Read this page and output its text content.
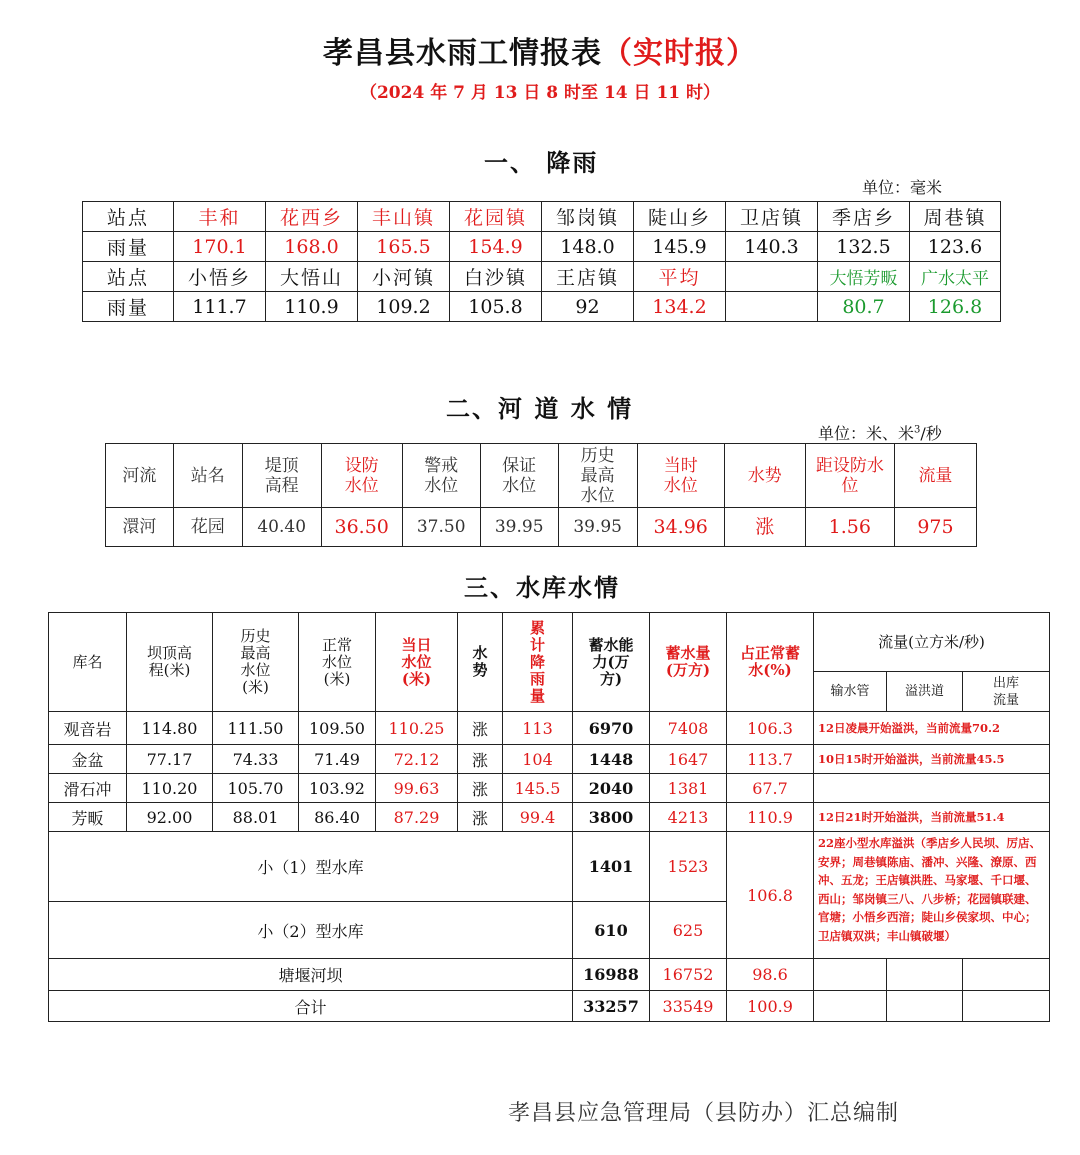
孝昌县水雨工情报表（实时报）
（2024 年 7 月 13 日 8 时至 14 日 11 时）
一、 降雨
单位：毫米
站点	丰和	花西乡	丰山镇	花园镇	邹岗镇	陡山乡	卫店镇	季店乡	周巷镇
雨量	170.1	168.0	165.5	154.9	148.0	145.9	140.3	132.5	123.6
站点	小悟乡	大悟山	小河镇	白沙镇	王店镇	平均		大悟芳畈	广水太平
雨量	111.7	110.9	109.2	105.8	92	134.2		80.7	126.8
二、河 道 水 情
单位：米、米$^3$/秒
河流	站名	堤顶高程	设防水位	警戒水位	保证水位	历史最高水位	当时水位	水势	距设防水位	流量
澴河	花园	40.40	36.50	37.50	39.95	39.95	34.96	涨	1.56	975
三、水库水情
库名	坝顶高程(米)	历史最高水位(米)	正常水位(米)	当日水位(米)	水势	累计降雨量	蓄水能力(万方)	蓄水量(万方)	占正常蓄水(%)	流量(立方米/秒)		
										输水管	溢洪道	出库流量
观音岩	114.80	111.50	109.50	110.25	涨	113	6970	7408	106.3	12日凌晨开始溢洪，当前流量70.2		
金盆	77.17	74.33	71.49	72.12	涨	104	1448	1647	113.7	10日15时开始溢洪，当前流量45.5		
滑石冲	110.20	105.70	103.92	99.63	涨	145.5	2040	1381	67.7			
芳畈	92.00	88.01	86.40	87.29	涨	99.4	3800	4213	110.9	12日21时开始溢洪，当前流量51.4		
小（1）型水库							1401	1523	106.8	22座小型水库溢洪（季店乡人民坝、厉店、安界；周巷镇陈庙、潘冲、兴隆、潦原、西冲、五龙；王店镇洪胜、马家堰、千口堰、西山；邹岗镇三八、八步桥；花园镇联建、官塘；小悟乡西湆；陡山乡侯家坝、中心；卫店镇双洪；丰山镇破堰）		
小（2）型水库							610	625				
塘堰河坝							16988	16752	98.6			
合计							33257	33549	100.9			
孝昌县应急管理局（县防办）汇总编制
